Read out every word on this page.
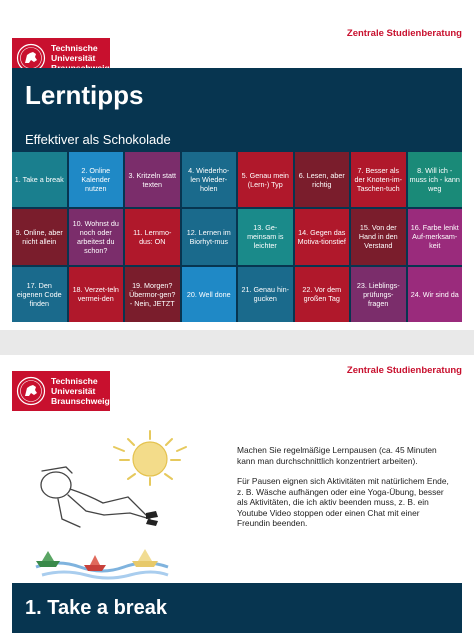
Zentrale Studienberatung
Technische
Universität
Lerntipps

Effektiver als Schokolade

1. Take a break
2. Online Kalender nutzen
3. Kritzeln statt texten
4. Wiederho-len Wieder-holen
5. Genau mein (Lern-) Typ
6. Lesen, aber richtig
7. Besser als der Knoten-im-Taschen-tuch
8. Will ich - muss ich - kann weg
9. Online, aber nicht allein
10. Wohnst du noch oder arbeitest du schon?
11. Lernmo-dus: ON
12. Lernen im Biorhyt-mus
13. Ge-meinsam is leichter
14. Gegen das Motiva-tionstief
15. Von der Hand in den Verstand
16. Farbe lenkt Auf-merksam-keit
17. Den eigenen Code finden
18. Verzet-teln vermei-den
19. Morgen? Übermor-gen? - Nein, JETZT
20. Well done	21. Genau hin-gucken
22. Vor dem großen Tag
23. Lieblings-prüfungs-fragen
24. Wir sind da
Zentrale Studienberatung
Technische
Universität
Braunschweig

Machen Sie regelmäßige Lernpausen (ca. 45 Minuten kann man durchschnittlich konzentriert arbeiten).

Für Pausen eignen sich Aktivitäten mit natürlichem Ende, z. B. Wäsche aufhängen oder eine Yoga-Übung, besser als Aktivitäten, die ich aktiv beenden muss, z. B. ein Youtube Video stoppen oder einen Chat mit einer Freundin beenden.

1. Take a break
